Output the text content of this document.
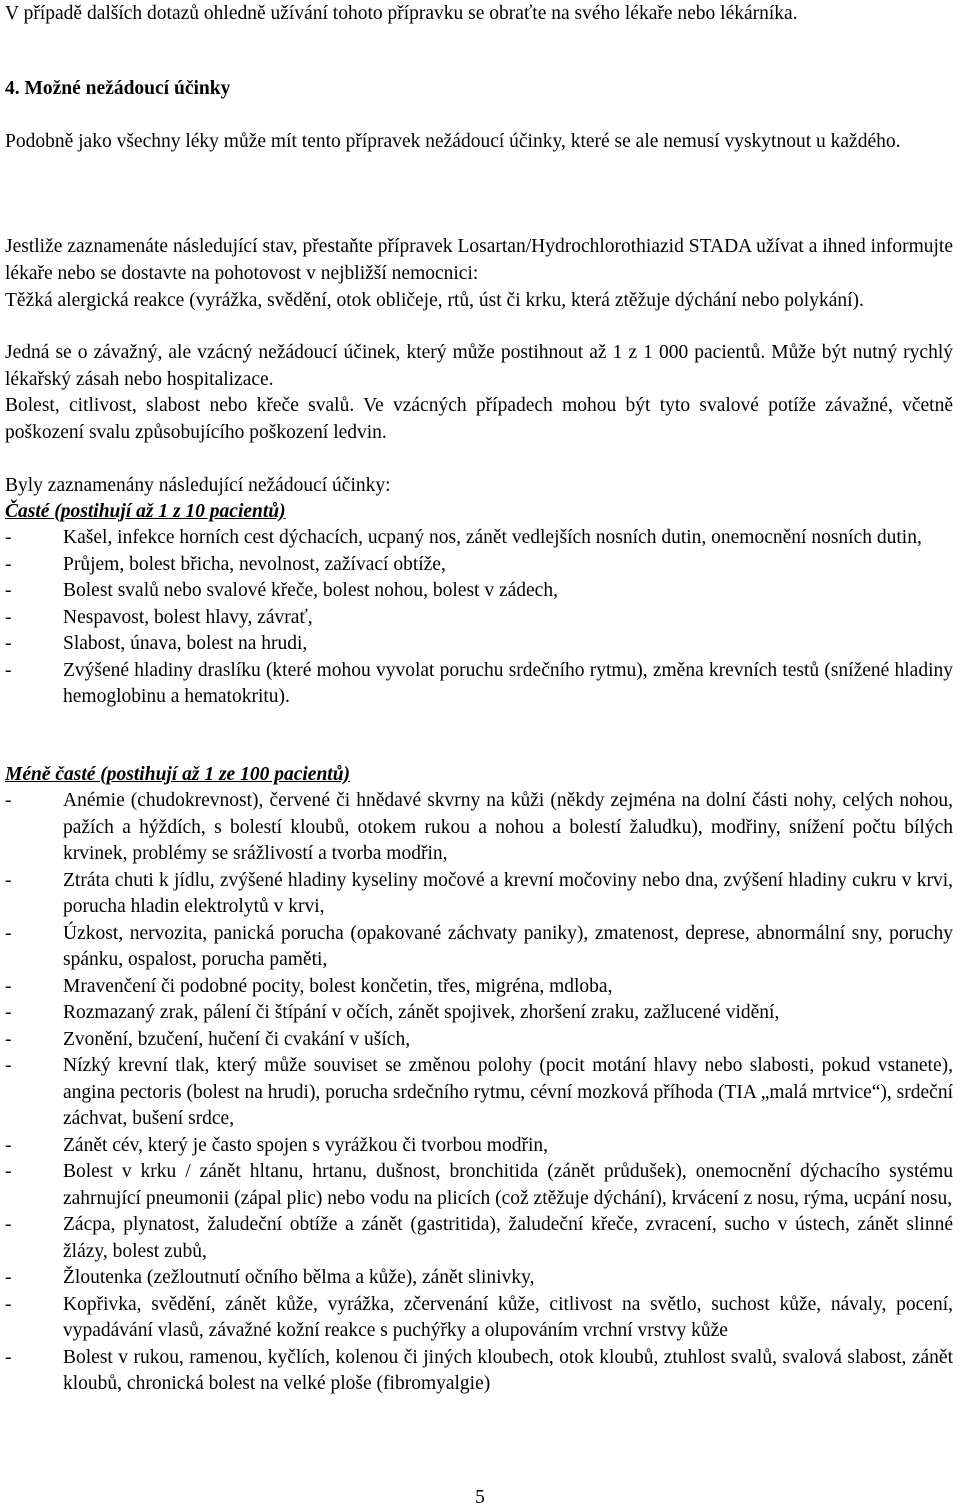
V případě dalších dotazů ohledně užívání tohoto přípravku se obraťte na svého lékaře nebo lékárníka.

4. Možné nežádoucí účinky

Podobně jako všechny léky může mít tento přípravek nežádoucí účinky, které se ale nemusí vyskytnout u každého.

Jestliže zaznamenáte následující stav, přestaňte přípravek Losartan/Hydrochlorothiazid STADA užívat a ihned informujte lékaře nebo se dostavte na pohotovost v nejbližší nemocnici:

Těžká alergická reakce (vyrážka, svědění, otok obličeje, rtů, úst či krku, která ztěžuje dýchání nebo polykání).

Jedná se o závažný, ale vzácný nežádoucí účinek, který může postihnout až 1 z 1 000 pacientů. Může být nutný rychlý lékařský zásah nebo hospitalizace.

Bolest, citlivost, slabost nebo křeče svalů. Ve vzácných případech mohou být tyto svalové potíže závažné, včetně poškození svalu způsobujícího poškození ledvin.

Byly zaznamenány následující nežádoucí účinky:

Časté (postihují až 1 z 10 pacientů)

-	Kašel, infekce horních cest dýchacích, ucpaný nos, zánět vedlejších nosních dutin, onemocnění nosních dutin,
-	Průjem, bolest břicha, nevolnost, zažívací obtíže,
-	Bolest svalů nebo svalové křeče, bolest nohou, bolest v zádech,
-	Nespavost, bolest hlavy, závrať,
-	Slabost, únava, bolest na hrudi,
-	Zvýšené hladiny draslíku (které mohou vyvolat poruchu srdečního rytmu), změna krevních testů (snížené hladiny hemoglobinu a hematokritu).

Méně časté (postihují až 1 ze 100 pacientů)

-	Anémie (chudokrevnost), červené či hnědavé skvrny na kůži (někdy zejména na dolní části nohy, celých nohou, pažích a hýždích, s bolestí kloubů, otokem rukou a nohou a bolestí žaludku), modřiny, snížení počtu bílých krvinek, problémy se srážlivostí a tvorba modřin,
-	Ztráta chuti k jídlu, zvýšené hladiny kyseliny močové a krevní močoviny nebo dna, zvýšení hladiny cukru v krvi, porucha hladin elektrolytů v krvi,
-	Úzkost, nervozita, panická porucha (opakované záchvaty paniky), zmatenost, deprese, abnormální sny, poruchy spánku, ospalost, porucha paměti,
-	Mravenčení či podobné pocity, bolest končetin, třes, migréna, mdloba,
-	Rozmazaný zrak, pálení či štípání v očích, zánět spojivek, zhoršení zraku, zažlucené vidění,
-	Zvonění, bzučení, hučení či cvakání v uších,
-	Nízký krevní tlak, který může souviset se změnou polohy (pocit motání hlavy nebo slabosti, pokud vstanete), angina pectoris (bolest na hrudi), porucha srdečního rytmu, cévní mozková příhoda (TIA „malá mrtvice“), srdeční záchvat, bušení srdce,
-	Zánět cév, který je často spojen s vyrážkou či tvorbou modřin,
-	Bolest v krku / zánět hltanu, hrtanu, dušnost, bronchitida (zánět průdušek), onemocnění dýchacího systému zahrnující pneumonii (zápal plic) nebo vodu na plicích (což ztěžuje dýchání), krvácení z nosu, rýma, ucpání nosu,
-	Zácpa, plynatost, žaludeční obtíže a zánět (gastritida), žaludeční křeče, zvracení, sucho v ústech, zánět slinné žlázy, bolest zubů,
-	Žloutenka (zežloutnutí očního bělma a kůže), zánět slinivky,
-	Kopřivka, svědění, zánět kůže, vyrážka, zčervenání kůže, citlivost na světlo, suchost kůže, návaly, pocení, vypadávání vlasů, závažné kožní reakce s puchýřky a olupováním vrchní vrstvy kůže
-	Bolest v rukou, ramenou, kyčlích, kolenou či jiných kloubech, otok kloubů, ztuhlost svalů, svalová slabost, zánět kloubů, chronická bolest na velké ploše (fibromyalgie)
5
